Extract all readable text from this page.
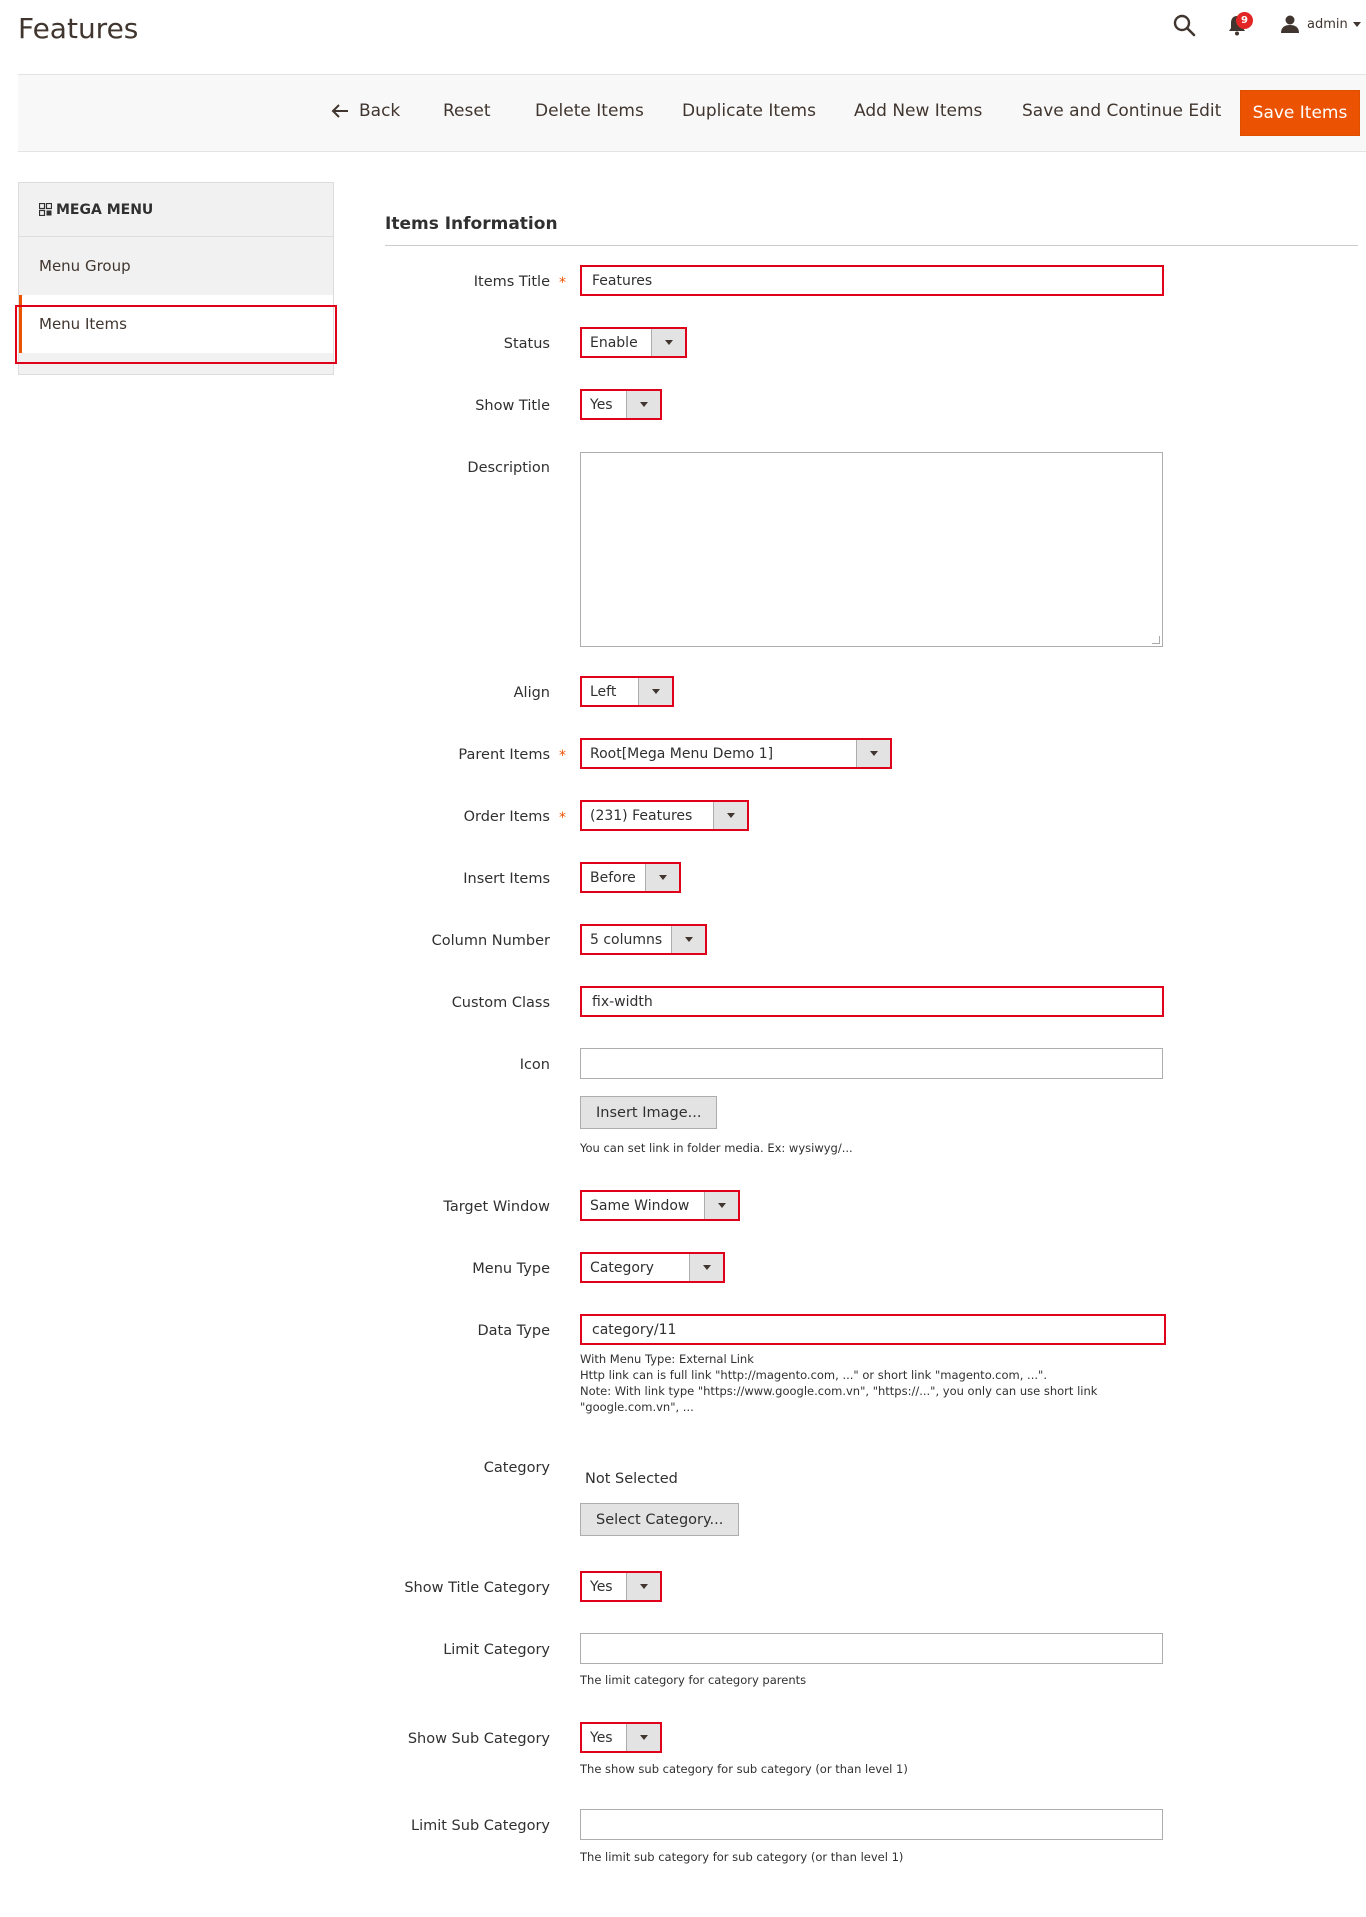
Features	9	admin
Back	Reset	Delete Items Duplicate Items Add New Items Save and Continue Edit	Save Items
MEGA MENU
Menu Group
Menu Items
Items Information
Items Title *	Features
Status	Enable
Show Title	Yes
Description
Align	Left
Parent Items *	Root[Mega Menu Demo 1]
Order Items *	(231) Features
Insert Items	Before
Column Number	5 columns
Custom Class	fix-width
Icon
Insert Image...
You can set link in folder media. Ex: wysiwyg/...
Target Window	Same Window
Menu Type	Category
Data Type	category/11
With Menu Type: External Link
Http link can is full link "http://magento.com, ..." or short link "magento.com, ...".
Note: With link type "https://www.google.com.vn", "https://...", you only can use short link
"google.com.vn", ...
Category
Not Selected
Select Category...
Show Title Category	Yes
Limit Category
The limit category for category parents
Show Sub Category	Yes
The show sub category for sub category (or than level 1)
Limit Sub Category
The limit sub category for sub category (or than level 1)
